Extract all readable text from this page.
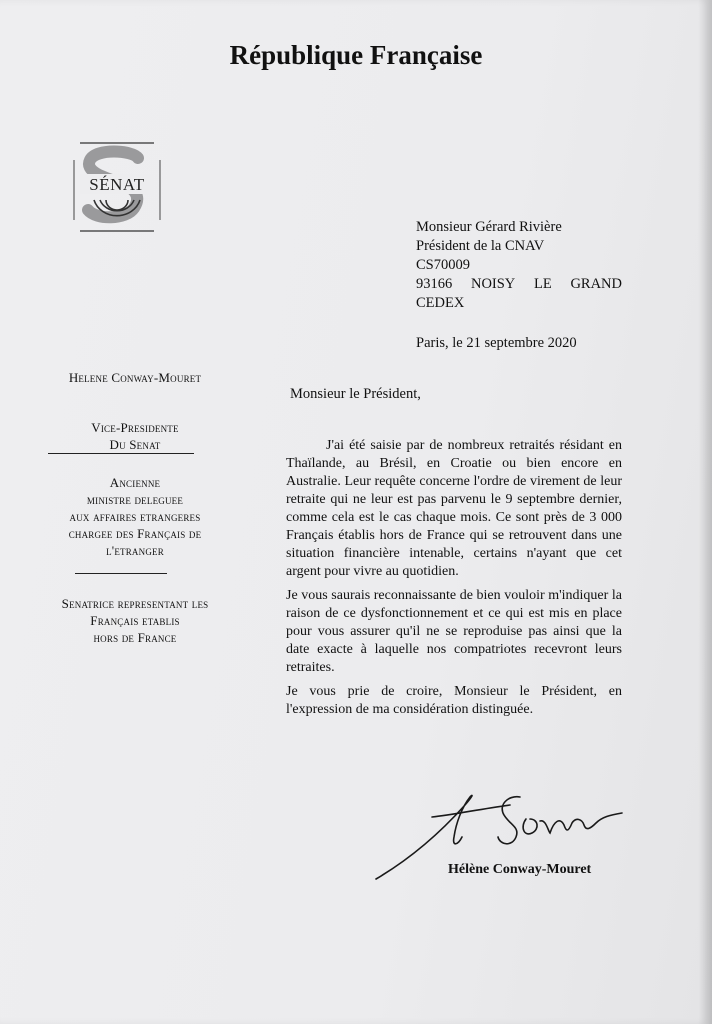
République Française
SÉNAT
Monsieur Gérard Rivière
Président de la CNAV
CS70009
93166 NOISY LE GRAND
CEDEX
Paris, le 21 septembre 2020
Helene Conway-Mouret
Vice-Presidente
Du Senat
Ancienne
ministre deleguee
aux affaires etrangeres
chargee des Français de
l'etranger
Senatrice representant les
Français etablis
hors de France
Monsieur le Président,
J'ai été saisie par de nombreux retraités résidant en Thaïlande, au Brésil, en Croatie ou bien encore en Australie. Leur requête concerne l'ordre de virement de leur retraite qui ne leur est pas parvenu le 9 septembre dernier, comme cela est le cas chaque mois. Ce sont près de 3 000 Français établis hors de France qui se retrouvent dans une situation financière intenable, certains n'ayant que cet argent pour vivre au quotidien.
Je vous saurais reconnaissante de bien vouloir m'indiquer la raison de ce dysfonctionnement et ce qui est mis en place pour vous assurer qu'il ne se reproduise pas ainsi que la date exacte à laquelle nos compatriotes recevront leurs retraites.
Je vous prie de croire, Monsieur le Président, en l'expression de ma considération distinguée.
Hélène Conway-Mouret
